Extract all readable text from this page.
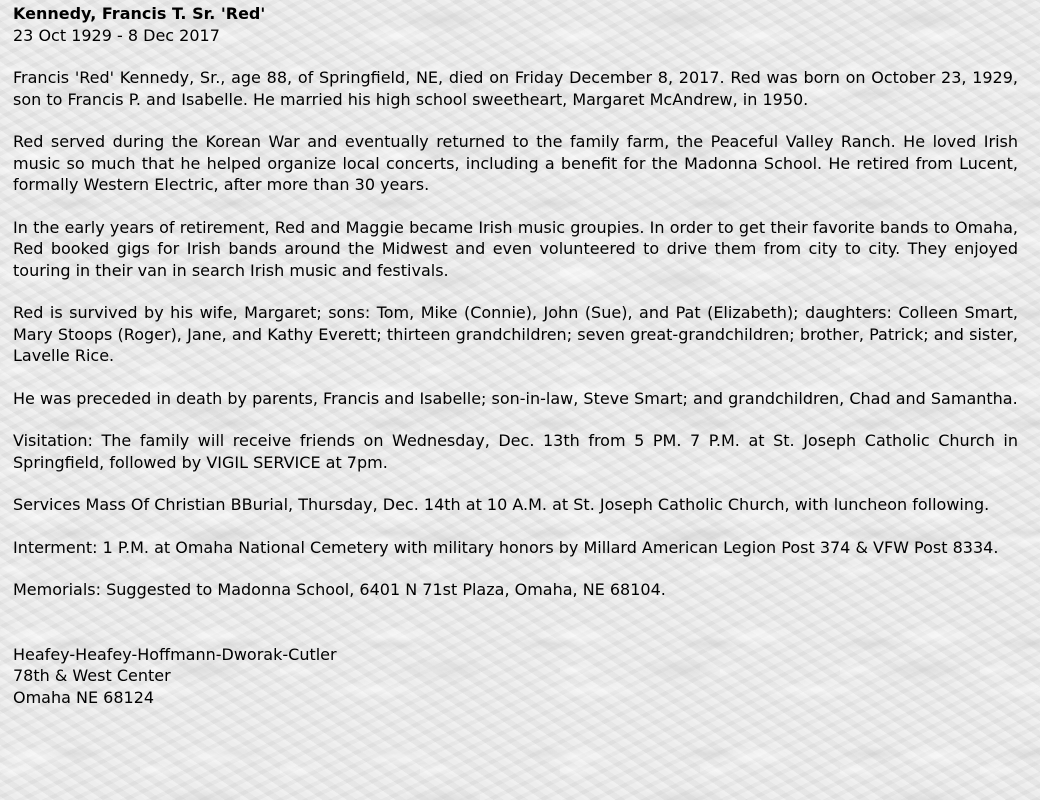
Kennedy, Francis T. Sr. 'Red'
23 Oct 1929 - 8 Dec 2017

Francis 'Red' Kennedy, Sr., age 88, of Springfield, NE, died on Friday December 8, 2017. Red was born on October 23, 1929, son to Francis P. and Isabelle. He married his high school sweetheart, Margaret McAndrew, in 1950.

Red served during the Korean War and eventually returned to the family farm, the Peaceful Valley Ranch. He loved Irish music so much that he helped organize local concerts, including a benefit for the Madonna School. He retired from Lucent, formally Western Electric, after more than 30 years.

In the early years of retirement, Red and Maggie became Irish music groupies. In order to get their favorite bands to Omaha, Red booked gigs for Irish bands around the Midwest and even volunteered to drive them from city to city. They enjoyed touring in their van in search Irish music and festivals.

Red is survived by his wife, Margaret; sons: Tom, Mike (Connie), John (Sue), and Pat (Elizabeth); daughters: Colleen Smart, Mary Stoops (Roger), Jane, and Kathy Everett; thirteen grandchildren; seven great-grandchildren; brother, Patrick; and sister, Lavelle Rice.

He was preceded in death by parents, Francis and Isabelle; son-in-law, Steve Smart; and grandchildren, Chad and Samantha.

Visitation: The family will receive friends on Wednesday, Dec. 13th from 5 PM. 7 P.M. at St. Joseph Catholic Church in Springfield, followed by VIGIL SERVICE at 7pm.

Services Mass Of Christian BBurial, Thursday, Dec. 14th at 10 A.M. at St. Joseph Catholic Church, with luncheon following.

Interment: 1 P.M. at Omaha National Cemetery with military honors by Millard American Legion Post 374 & VFW Post 8334.

Memorials: Suggested to Madonna School, 6401 N 71st Plaza, Omaha, NE 68104.

Heafey-Heafey-Hoffmann-Dworak-Cutler
78th & West Center
Omaha NE 68124
